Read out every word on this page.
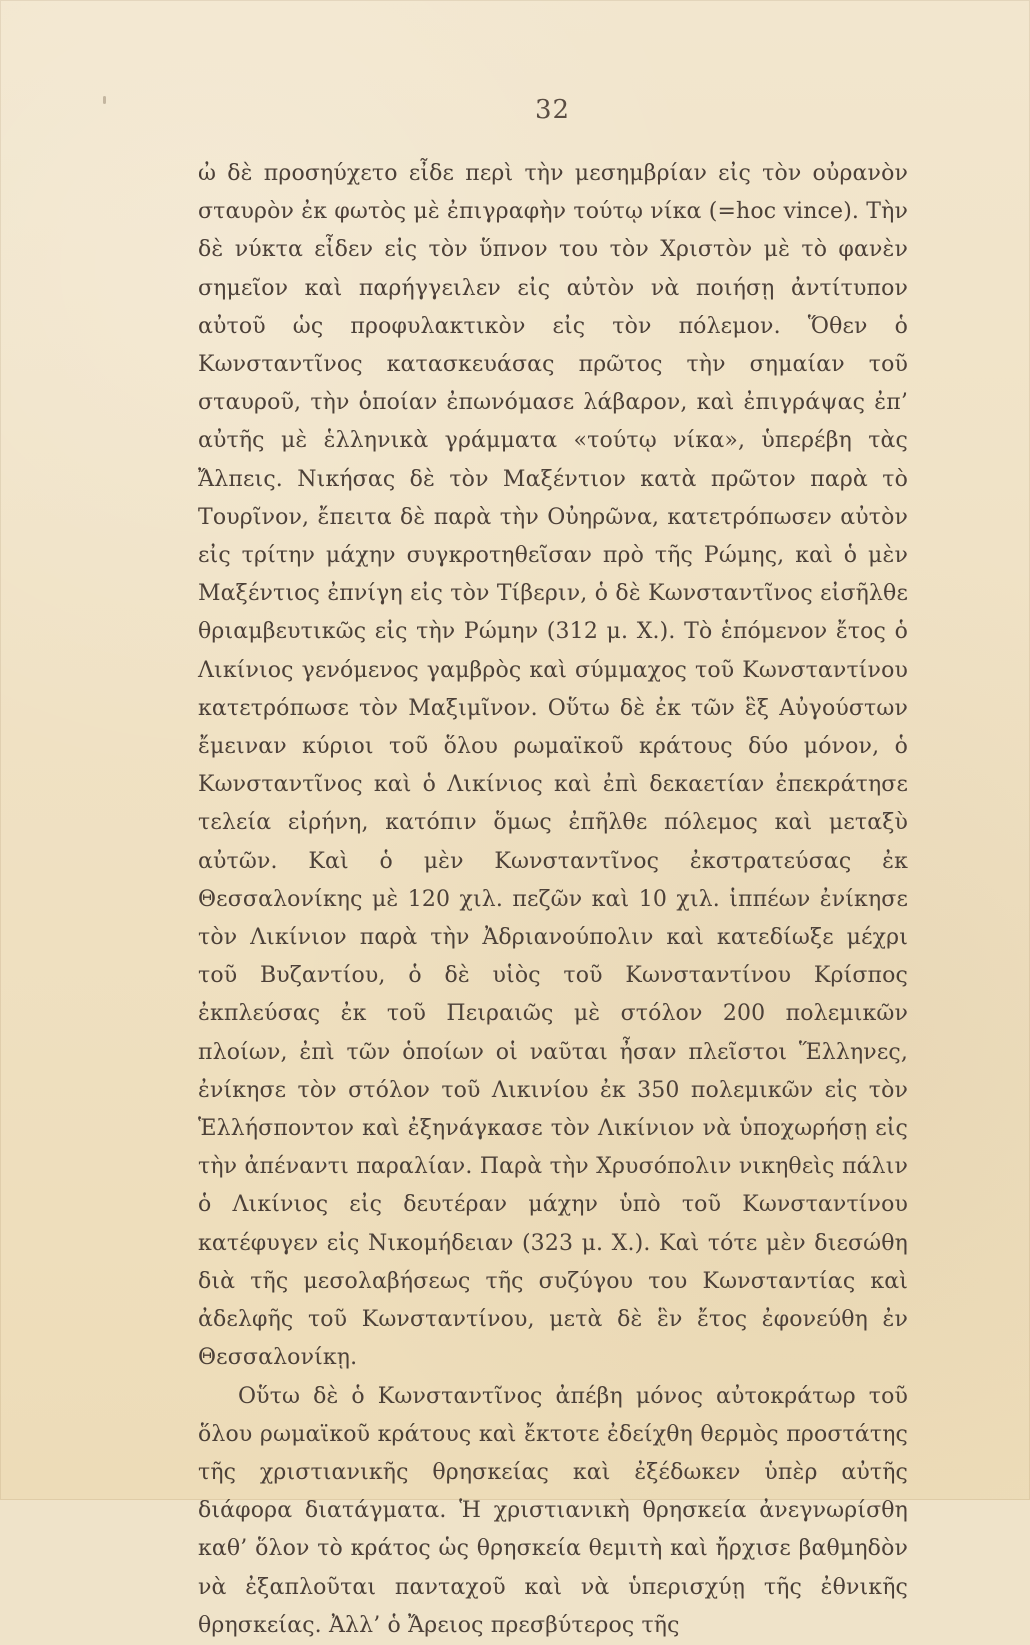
32

ὠ δὲ προσηύχετο εἶδε περὶ τὴν μεσημβρίαν εἰς τὸν οὐρανὸν σταυρὸν ἐκ φωτὸς μὲ ἐπιγραφὴν τούτῳ νίκα (=hoc vince). Τὴν δὲ νύκτα εἶδεν εἰς τὸν ὕπνον του τὸν Χριστὸν μὲ τὸ φανὲν σημεῖον καὶ παρήγγειλεν εἰς αὐτὸν νὰ ποιήσῃ ἀντίτυπον αὐτοῦ ὡς προφυλακτικὸν εἰς τὸν πόλεμον. Ὅθεν ὁ Κωνσταντῖνος κατασκευάσας πρῶτος τὴν σημαίαν τοῦ σταυροῦ, τὴν ὁποίαν ἐπωνόμασε λάβαρον, καὶ ἐπιγράψας ἐπ’ αὐτῆς μὲ ἑλληνικὰ γράμματα «τούτῳ νίκα», ὑπερέβη τὰς Ἄλπεις. Νικήσας δὲ τὸν Μαξέντιον κατὰ πρῶτον παρὰ τὸ Τουρῖνον, ἔπειτα δὲ παρὰ τὴν Οὐηρῶνα, κατετρόπωσεν αὐτὸν εἰς τρίτην μάχην συγκροτηθεῖσαν πρὸ τῆς Ρώμης, καὶ ὁ μὲν Μαξέντιος ἐπνίγη εἰς τὸν Τίβεριν, ὁ δὲ Κωνσταντῖνος εἰσῆλθε θριαμβευτικῶς εἰς τὴν Ρώμην (312 μ. Χ.). Τὸ ἑπόμενον ἔτος ὁ Λικίνιος γενόμενος γαμβρὸς καὶ σύμμαχος τοῦ Κωνσταντίνου κατετρόπωσε τὸν Μαξιμῖνον. Οὕτω δὲ ἐκ τῶν ἓξ Αὐγούστων ἔμειναν κύριοι τοῦ ὅλου ρωμαϊκοῦ κράτους δύο μόνον, ὁ Κωνσταντῖνος καὶ ὁ Λικίνιος καὶ ἐπὶ δεκαετίαν ἐπεκράτησε τελεία εἰρήνη, κατόπιν ὅμως ἐπῆλθε πόλεμος καὶ μεταξὺ αὐτῶν. Καὶ ὁ μὲν Κωνσταντῖνος ἐκστρατεύσας ἐκ Θεσσαλονίκης μὲ 120 χιλ. πεζῶν καὶ 10 χιλ. ἱππέων ἐνίκησε τὸν Λικίνιον παρὰ τὴν Ἀδριανούπολιν καὶ κατεδίωξε μέχρι τοῦ Βυζαντίου, ὁ δὲ υἱὸς τοῦ Κωνσταντίνου Κρίσπος ἐκπλεύσας ἐκ τοῦ Πειραιῶς μὲ στόλον 200 πολεμικῶν πλοίων, ἐπὶ τῶν ὁποίων οἱ ναῦται ἦσαν πλεῖστοι Ἕλληνες, ἐνίκησε τὸν στόλον τοῦ Λικινίου ἐκ 350 πολεμικῶν εἰς τὸν Ἑλλήσποντον καὶ ἐξηνάγκασε τὸν Λικίνιον νὰ ὑποχωρήσῃ εἰς τὴν ἀπέναντι παραλίαν. Παρὰ τὴν Χρυσόπολιν νικηθεὶς πάλιν ὁ Λικίνιος εἰς δευτέραν μάχην ὑπὸ τοῦ Κωνσταντίνου κατέφυγεν εἰς Νικομήδειαν (323 μ. Χ.). Καὶ τότε μὲν διεσώθη διὰ τῆς μεσολαβήσεως τῆς συζύγου του Κωνσταντίας καὶ ἀδελφῆς τοῦ Κωνσταντίνου, μετὰ δὲ ἓν ἔτος ἐφονεύθη ἐν Θεσσαλονίκῃ.

Οὕτω δὲ ὁ Κωνσταντῖνος ἀπέβη μόνος αὐτοκράτωρ τοῦ ὅλου ρωμαϊκοῦ κράτους καὶ ἔκτοτε ἐδείχθη θερμὸς προστάτης τῆς χριστιανικῆς θρησκείας καὶ ἐξέδωκεν ὑπὲρ αὐτῆς διάφορα διατάγματα. Ἡ χριστιανικὴ θρησκεία ἀνεγνωρίσθη καθ’ ὅλον τὸ κράτος ὡς θρησκεία θεμιτὴ καὶ ἤρχισε βαθμηδὸν νὰ ἐξαπλοῦται πανταχοῦ καὶ νὰ ὑπερισχύῃ τῆς ἐθνικῆς θρησκείας. Ἀλλ’ ὁ Ἄρειος πρεσβύτερος τῆς
